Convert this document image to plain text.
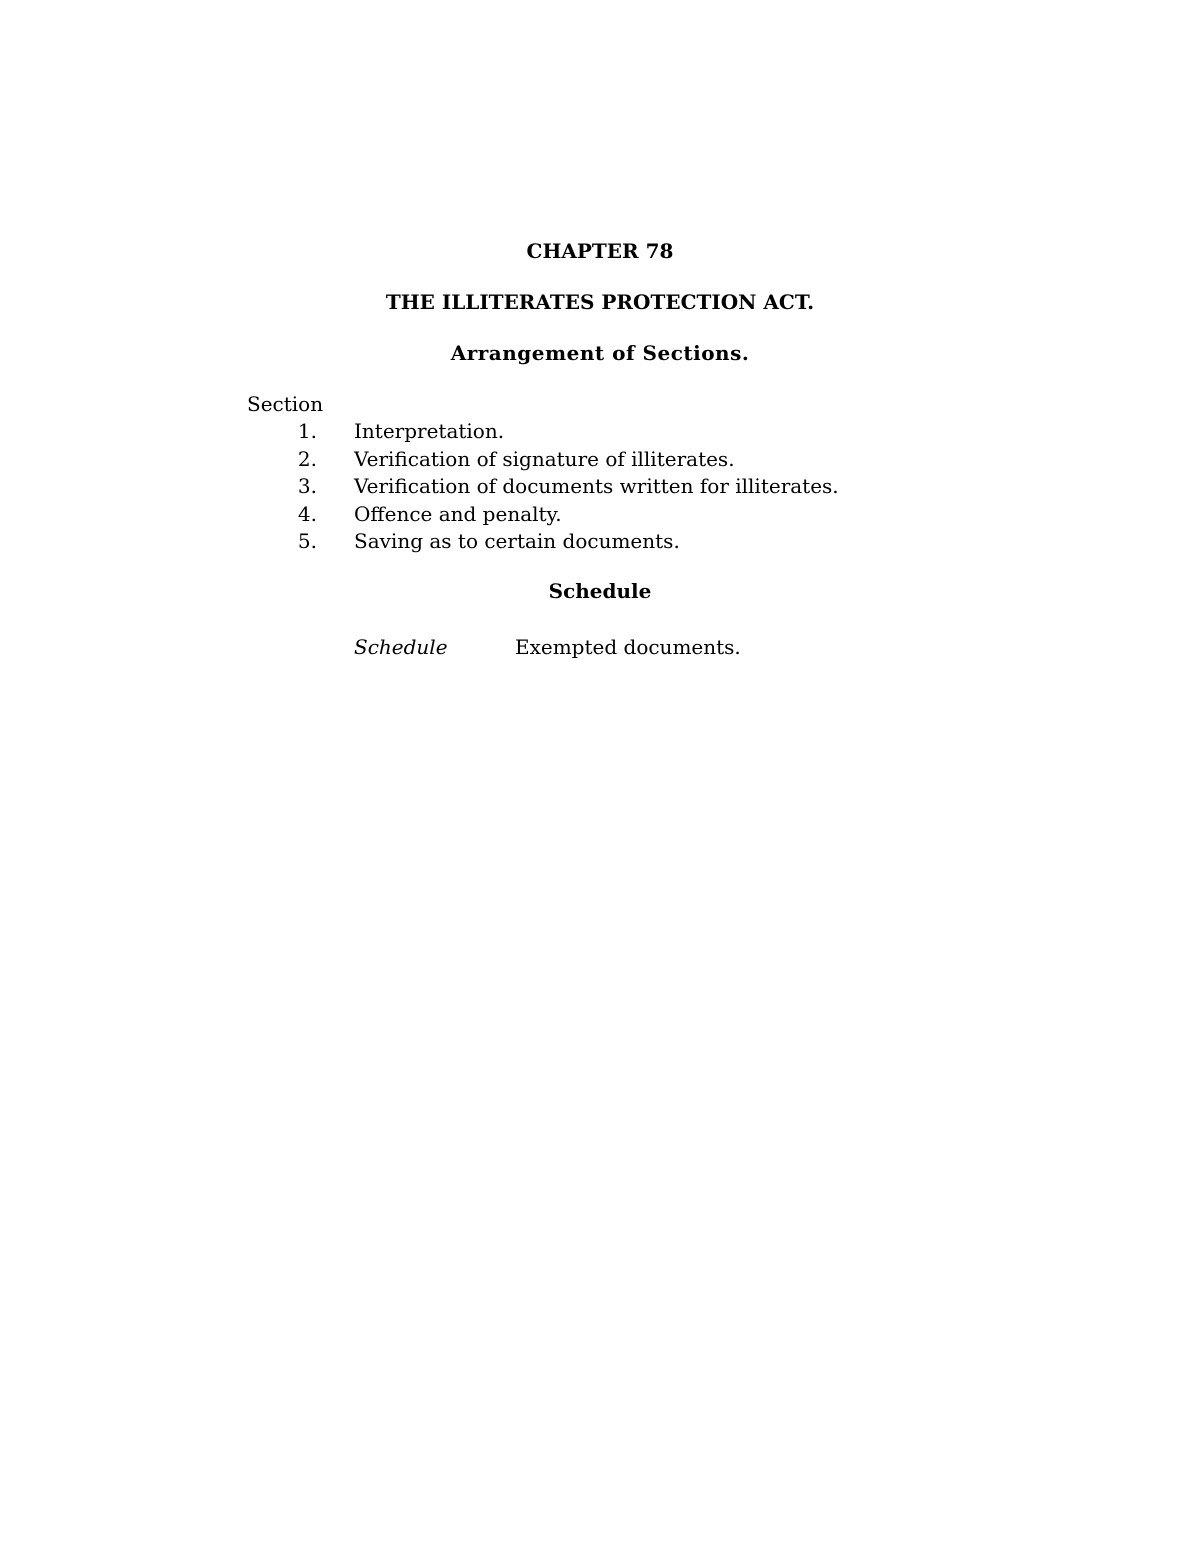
CHAPTER 78
THE ILLITERATES PROTECTION ACT.
Arrangement of Sections.
Section
1. Interpretation.
2. Verification of signature of illiterates.
3. Verification of documents written for illiterates.
4. Offence and penalty.
5. Saving as to certain documents.
Schedule
Schedule	Exempted documents.
